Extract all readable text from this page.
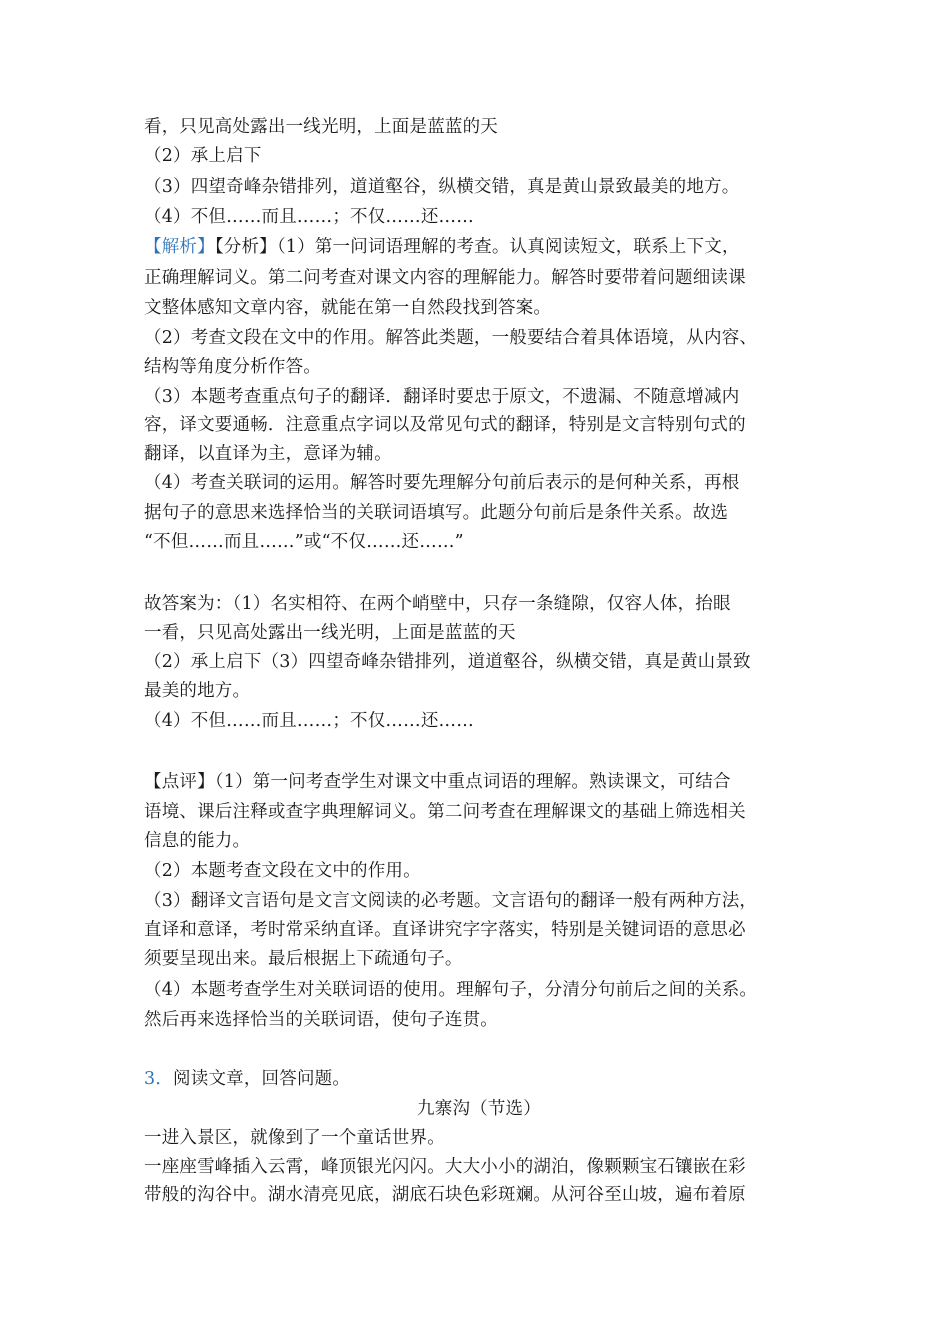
看，只见高处露出一线光明，上面是蓝蓝的天
（2）承上启下
（3）四望奇峰杂错排列，道道壑谷，纵横交错，真是黄山景致最美的地方。
（4）不但……而且……；不仅……还……
【解析】【分析】（1）第一问词语理解的考查。认真阅读短文，联系上下文，
正确理解词义。第二问考查对课文内容的理解能力。解答时要带着问题细读课
文整体感知文章内容，就能在第一自然段找到答案。
（2）考查文段在文中的作用。解答此类题，一般要结合着具体语境，从内容、
结构等角度分析作答。
（3）本题考查重点句子的翻译．翻译时要忠于原文，不遗漏、不随意增减内
容，译文要通畅．注意重点字词以及常见句式的翻译，特别是文言特别句式的
翻译，以直译为主，意译为辅。
（4）考查关联词的运用。解答时要先理解分句前后表示的是何种关系，再根
据句子的意思来选择恰当的关联词语填写。此题分句前后是条件关系。故选
“不但……而且……”或“不仅……还……”
故答案为：（1）名实相符、在两个峭壁中，只存一条缝隙，仅容人体，抬眼
一看，只见高处露出一线光明，上面是蓝蓝的天
（2）承上启下（3）四望奇峰杂错排列，道道壑谷，纵横交错，真是黄山景致
最美的地方。
（4）不但……而且……；不仅……还……
【点评】（1）第一问考查学生对课文中重点词语的理解。熟读课文，可结合
语境、课后注释或查字典理解词义。第二问考查在理解课文的基础上筛选相关
信息的能力。
（2）本题考查文段在文中的作用。
（3）翻译文言语句是文言文阅读的必考题。文言语句的翻译一般有两种方法，
直译和意译，考时常采纳直译。直译讲究字字落实，特别是关键词语的意思必
须要呈现出来。最后根据上下疏通句子。
（4）本题考查学生对关联词语的使用。理解句子，分清分句前后之间的关系。
然后再来选择恰当的关联词语，使句子连贯。
3．阅读文章，回答问题。
九寨沟（节选）
一进入景区，就像到了一个童话世界。
一座座雪峰插入云霄，峰顶银光闪闪。大大小小的湖泊，像颗颗宝石镶嵌在彩
带般的沟谷中。湖水清亮见底，湖底石块色彩斑斓。从河谷至山坡，遍布着原
